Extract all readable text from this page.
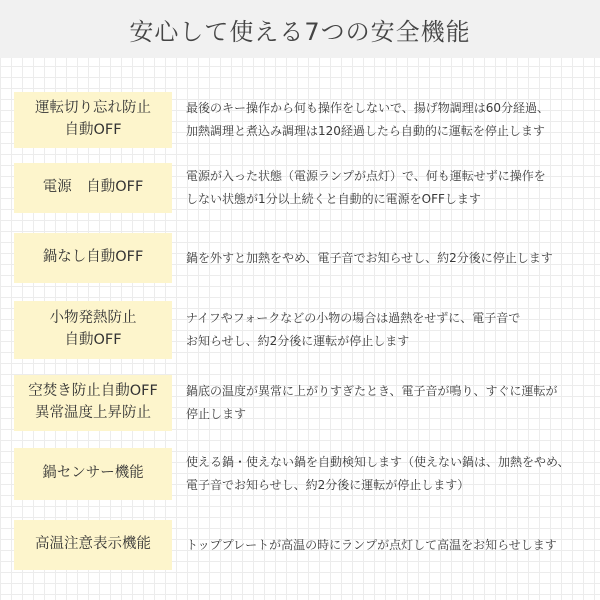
安心して使える7つの安全機能
運転切り忘れ防止
自動OFF
最後のキー操作から何も操作をしないで、揚げ物調理は60分経過、
加熱調理と煮込み調理は120経過したら自動的に運転を停止します
電源　自動OFF
電源が入った状態（電源ランプが点灯）で、何も運転せずに操作を
しない状態が1分以上続くと自動的に電源をOFFします
鍋なし自動OFF	鍋を外すと加熱をやめ、電子音でお知らせし、約2分後に停止します
小物発熱防止
自動OFF
ナイフやフォークなどの小物の場合は過熱をせずに、電子音で
お知らせし、約2分後に運転が停止します
空焚き防止自動OFF
異常温度上昇防止
鍋底の温度が異常に上がりすぎたとき、電子音が鳴り、すぐに運転が
停止します
鍋センサー機能
使える鍋・使えない鍋を自動検知します（使えない鍋は、加熱をやめ、
電子音でお知らせし、約2分後に運転が停止します）
高温注意表示機能	トッププレートが高温の時にランプが点灯して高温をお知らせします
